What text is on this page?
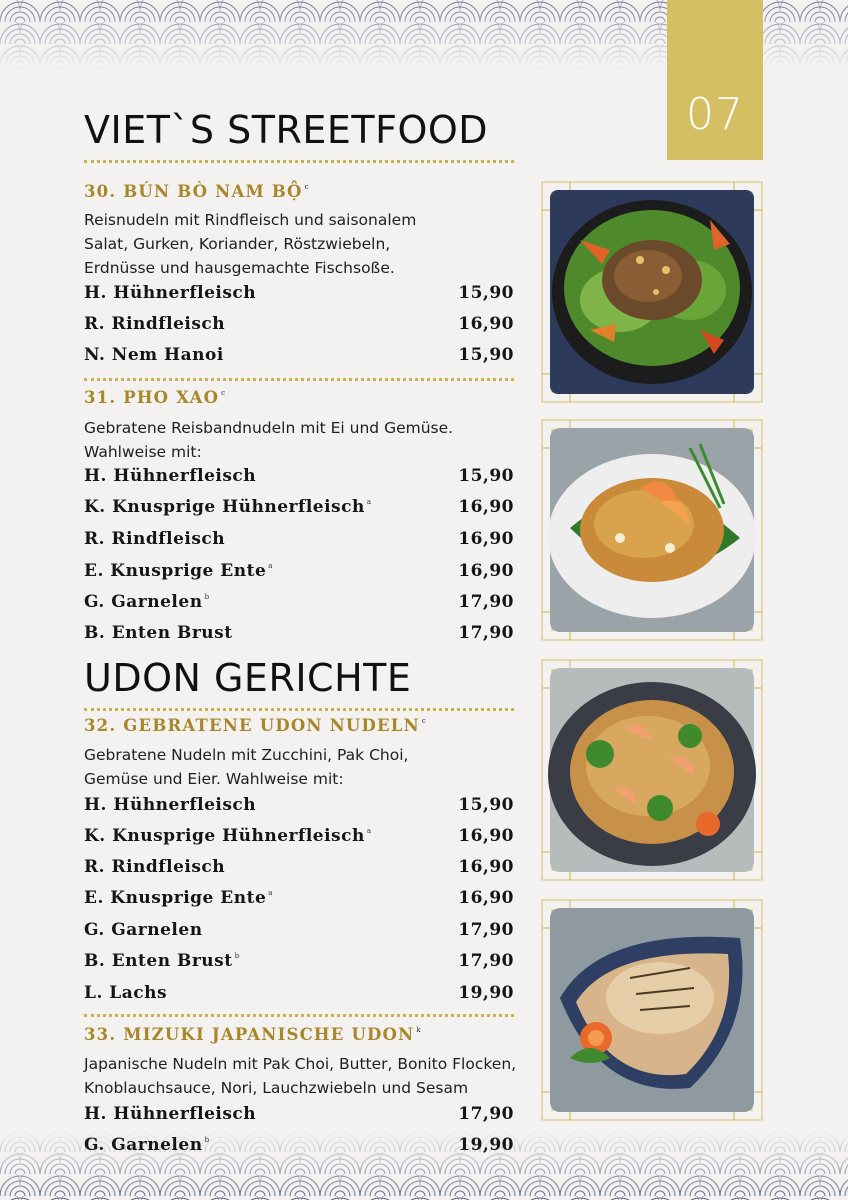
07
VIET`S STREETFOOD
30. BÚN BÒ NAM BỘ $^c$
Reisnudeln mit Rindfleisch und saisonalem
Salat, Gurken, Koriander, Röstzwiebeln,
Erdnüsse und hausgemachte Fischsoße.
H. Hühnerfleisch	15,90
R. Rindfleisch	16,90
N. Nem Hanoi	15,90
31. PHO XAO $^c$
Gebratene Reisbandnudeln mit Ei und Gemüse.
Wahlweise mit:
H. Hühnerfleisch	15,90
K. Knusprige Hühnerfleisch $^a$	16,90
R. Rindfleisch	16,90
E. Knusprige Ente $^a$	16,90
G. Garnelen $^b$	17,90
B. Enten Brust	17,90
UDON GERICHTE
32. GEBRATENE UDON NUDELN $^c$
Gebratene Nudeln mit Zucchini, Pak Choi,
Gemüse und Eier. Wahlweise mit:
H. Hühnerfleisch	15,90
K. Knusprige Hühnerfleisch $^a$	16,90
R. Rindfleisch	16,90
E. Knusprige Ente $^a$	16,90
G. Garnelen	17,90
B. Enten Brust $^b$	17,90
L. Lachs	19,90
33. MIZUKI JAPANISCHE UDON $^k$
Japanische Nudeln mit Pak Choi, Butter, Bonito Flocken,
Knoblauchsauce, Nori, Lauchzwiebeln und Sesam
H. Hühnerfleisch	17,90
G. Garnelen $^b$	19,90
